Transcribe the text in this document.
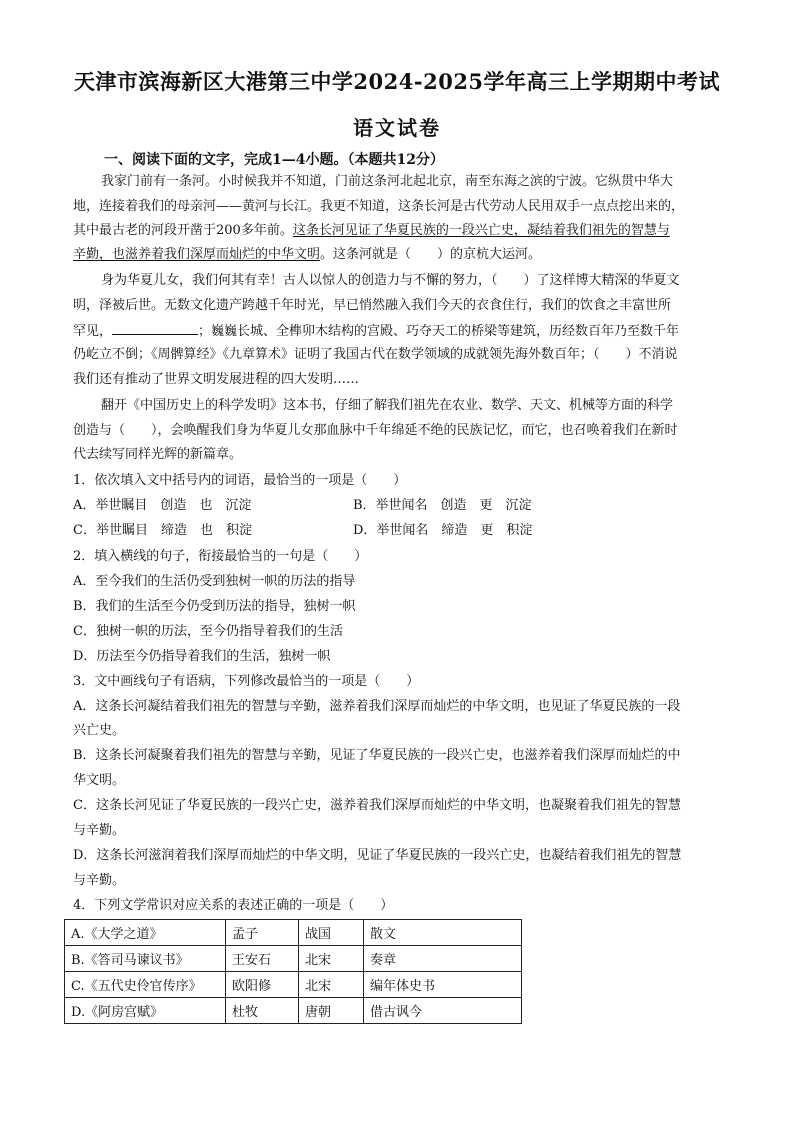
天津市滨海新区大港第三中学2024-2025学年高三上学期期中考试
语文试卷
一、阅读下面的文字，完成1—4小题。（本题共12分）
我家门前有一条河。小时候我并不知道，门前这条河北起北京，南至东海之滨的宁波。它纵贯中华大
地，连接着我们的母亲河——黄河与长江。我更不知道，这条长河是古代劳动人民用双手一点点挖出来的，
其中最古老的河段开凿于200多年前。这条长河见证了华夏民族的一段兴亡史，凝结着我们祖先的智慧与
辛勤，也滋养着我们深厚而灿烂的中华文明。这条河就是（　　）的京杭大运河。
身为华夏儿女，我们何其有幸！古人以惊人的创造力与不懈的努力，（　　）了这样博大精深的华夏文
明，泽被后世。无数文化遗产跨越千年时光，早已悄然融入我们今天的衣食住行，我们的饮食之丰富世所
罕见，	；巍巍长城、全榫卯木结构的宫殿、巧夺天工的桥梁等建筑，历经数百年乃至数千年
仍屹立不倒；《周髀算经》《九章算术》证明了我国古代在数学领域的成就领先海外数百年；（　　）不消说
我们还有推动了世界文明发展进程的四大发明……
翻开《中国历史上的科学发明》这本书，仔细了解我们祖先在农业、数学、天文、机械等方面的科学
创造与（　　），会唤醒我们身为华夏儿女那血脉中千年绵延不绝的民族记忆，而它，也召唤着我们在新时
代去续写同样光辉的新篇章。
1．依次填入文中括号内的词语，最恰当的一项是（　　）
A．举世瞩目　创造　也　沉淀	B．举世闻名　创造　更　沉淀
C．举世瞩目　缔造　也　积淀	D．举世闻名　缔造　更　积淀
2．填入横线的句子，衔接最恰当的一句是（　　）
A．至今我们的生活仍受到独树一帜的历法的指导
B．我们的生活至今仍受到历法的指导，独树一帜
C．独树一帜的历法，至今仍指导着我们的生活
D．历法至今仍指导着我们的生活，独树一帜
3．文中画线句子有语病，下列修改最恰当的一项是（　　）
A．这条长河凝结着我们祖先的智慧与辛勤，滋养着我们深厚而灿烂的中华文明，也见证了华夏民族的一段
兴亡史。
B．这条长河凝聚着我们祖先的智慧与辛勤，见证了华夏民族的一段兴亡史，也滋养着我们深厚而灿烂的中
华文明。
C．这条长河见证了华夏民族的一段兴亡史，滋养着我们深厚而灿烂的中华文明，也凝聚着我们祖先的智慧
与辛勤。
D．这条长河滋润着我们深厚而灿烂的中华文明，见证了华夏民族的一段兴亡史，也凝结着我们祖先的智慧
与辛勤。
4．下列文学常识对应关系的表述正确的一项是（　　）
A.《大学之道》	孟子	战国	散文
B.《答司马谏议书》	王安石	北宋	奏章
C.《五代史伶官传序》	欧阳修	北宋	编年体史书
D.《阿房宫赋》	杜牧	唐朝	借古讽今
